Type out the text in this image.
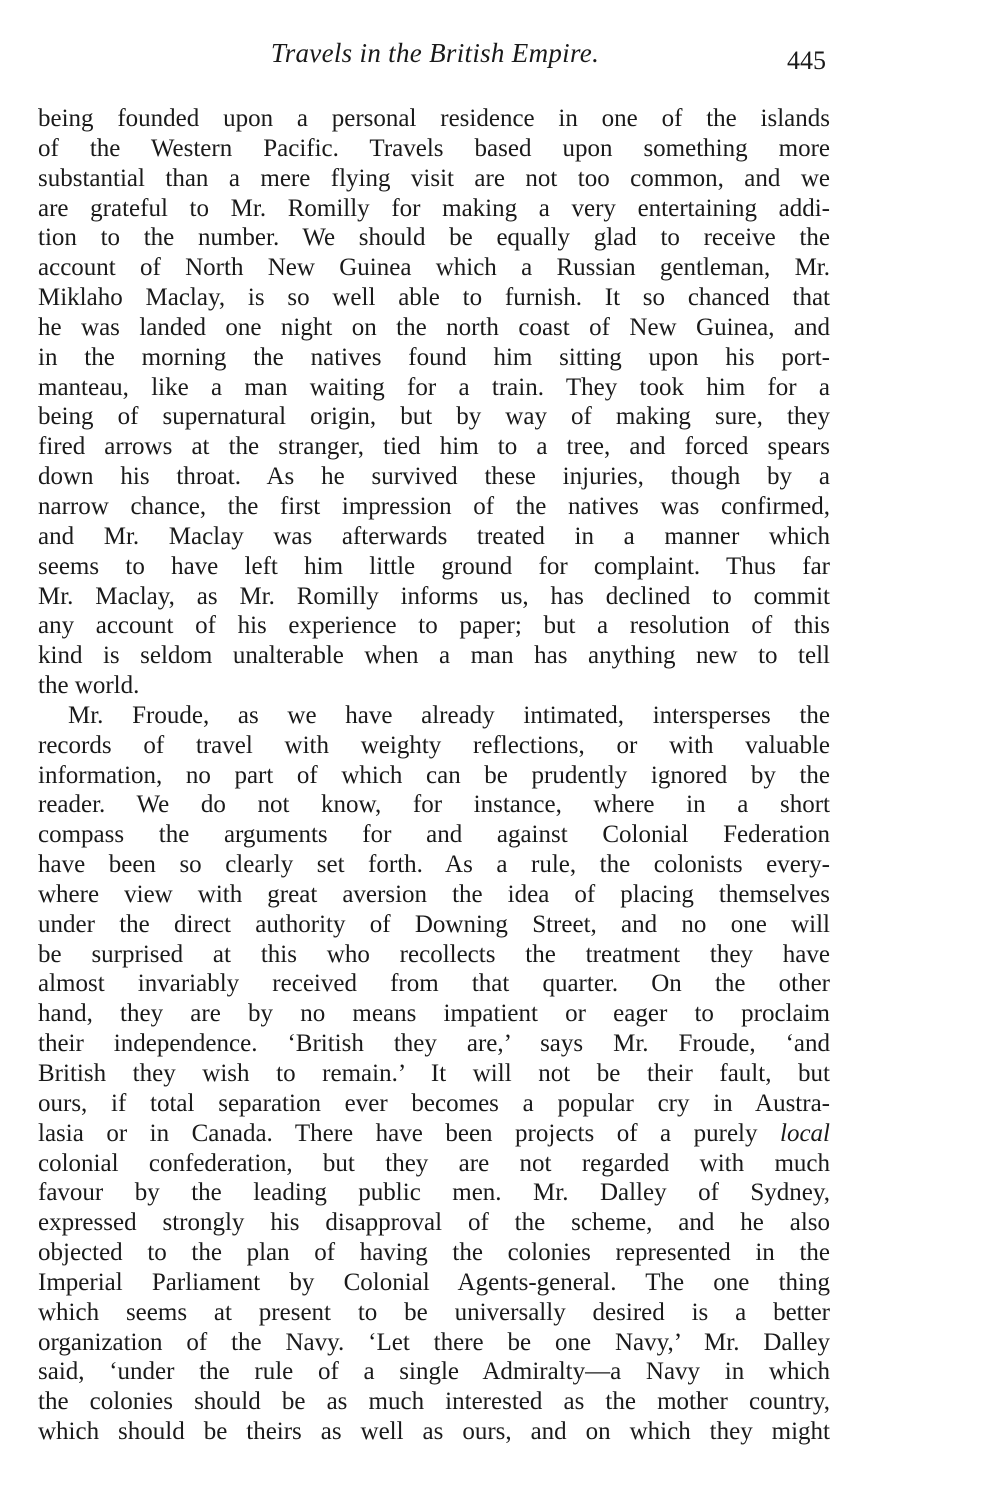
Travels in the British Empire.	445
being founded upon a personal residence in one of the islands
of the Western Pacific. Travels based upon something more
substantial than a mere flying visit are not too common, and we
are grateful to Mr. Romilly for making a very entertaining addi-
tion to the number. We should be equally glad to receive the
account of North New Guinea which a Russian gentleman, Mr.
Miklaho Maclay, is so well able to furnish. It so chanced that
he was landed one night on the north coast of New Guinea, and
in the morning the natives found him sitting upon his port-
manteau, like a man waiting for a train. They took him for a
being of supernatural origin, but by way of making sure, they
fired arrows at the stranger, tied him to a tree, and forced spears
down his throat. As he survived these injuries, though by a
narrow chance, the first impression of the natives was confirmed,
and Mr. Maclay was afterwards treated in a manner which
seems to have left him little ground for complaint. Thus far
Mr. Maclay, as Mr. Romilly informs us, has declined to commit
any account of his experience to paper; but a resolution of this
kind is seldom unalterable when a man has anything new to tell
the world.
Mr. Froude, as we have already intimated, intersperses the
records of travel with weighty reflections, or with valuable
information, no part of which can be prudently ignored by the
reader. We do not know, for instance, where in a short
compass the arguments for and against Colonial Federation
have been so clearly set forth. As a rule, the colonists every-
where view with great aversion the idea of placing themselves
under the direct authority of Downing Street, and no one will
be surprised at this who recollects the treatment they have
almost invariably received from that quarter. On the other
hand, they are by no means impatient or eager to proclaim
their independence. ‘British they are,’ says Mr. Froude, ‘and
British they wish to remain.’ It will not be their fault, but
ours, if total separation ever becomes a popular cry in Austra-
lasia or in Canada. There have been projects of a purely local
colonial confederation, but they are not regarded with much
favour by the leading public men. Mr. Dalley of Sydney,
expressed strongly his disapproval of the scheme, and he also
objected to the plan of having the colonies represented in the
Imperial Parliament by Colonial Agents-general. The one thing
which seems at present to be universally desired is a better
organization of the Navy. ‘Let there be one Navy,’ Mr. Dalley
said, ‘under the rule of a single Admiralty—a Navy in which
the colonies should be as much interested as the mother country,
which should be theirs as well as ours, and on which they might
